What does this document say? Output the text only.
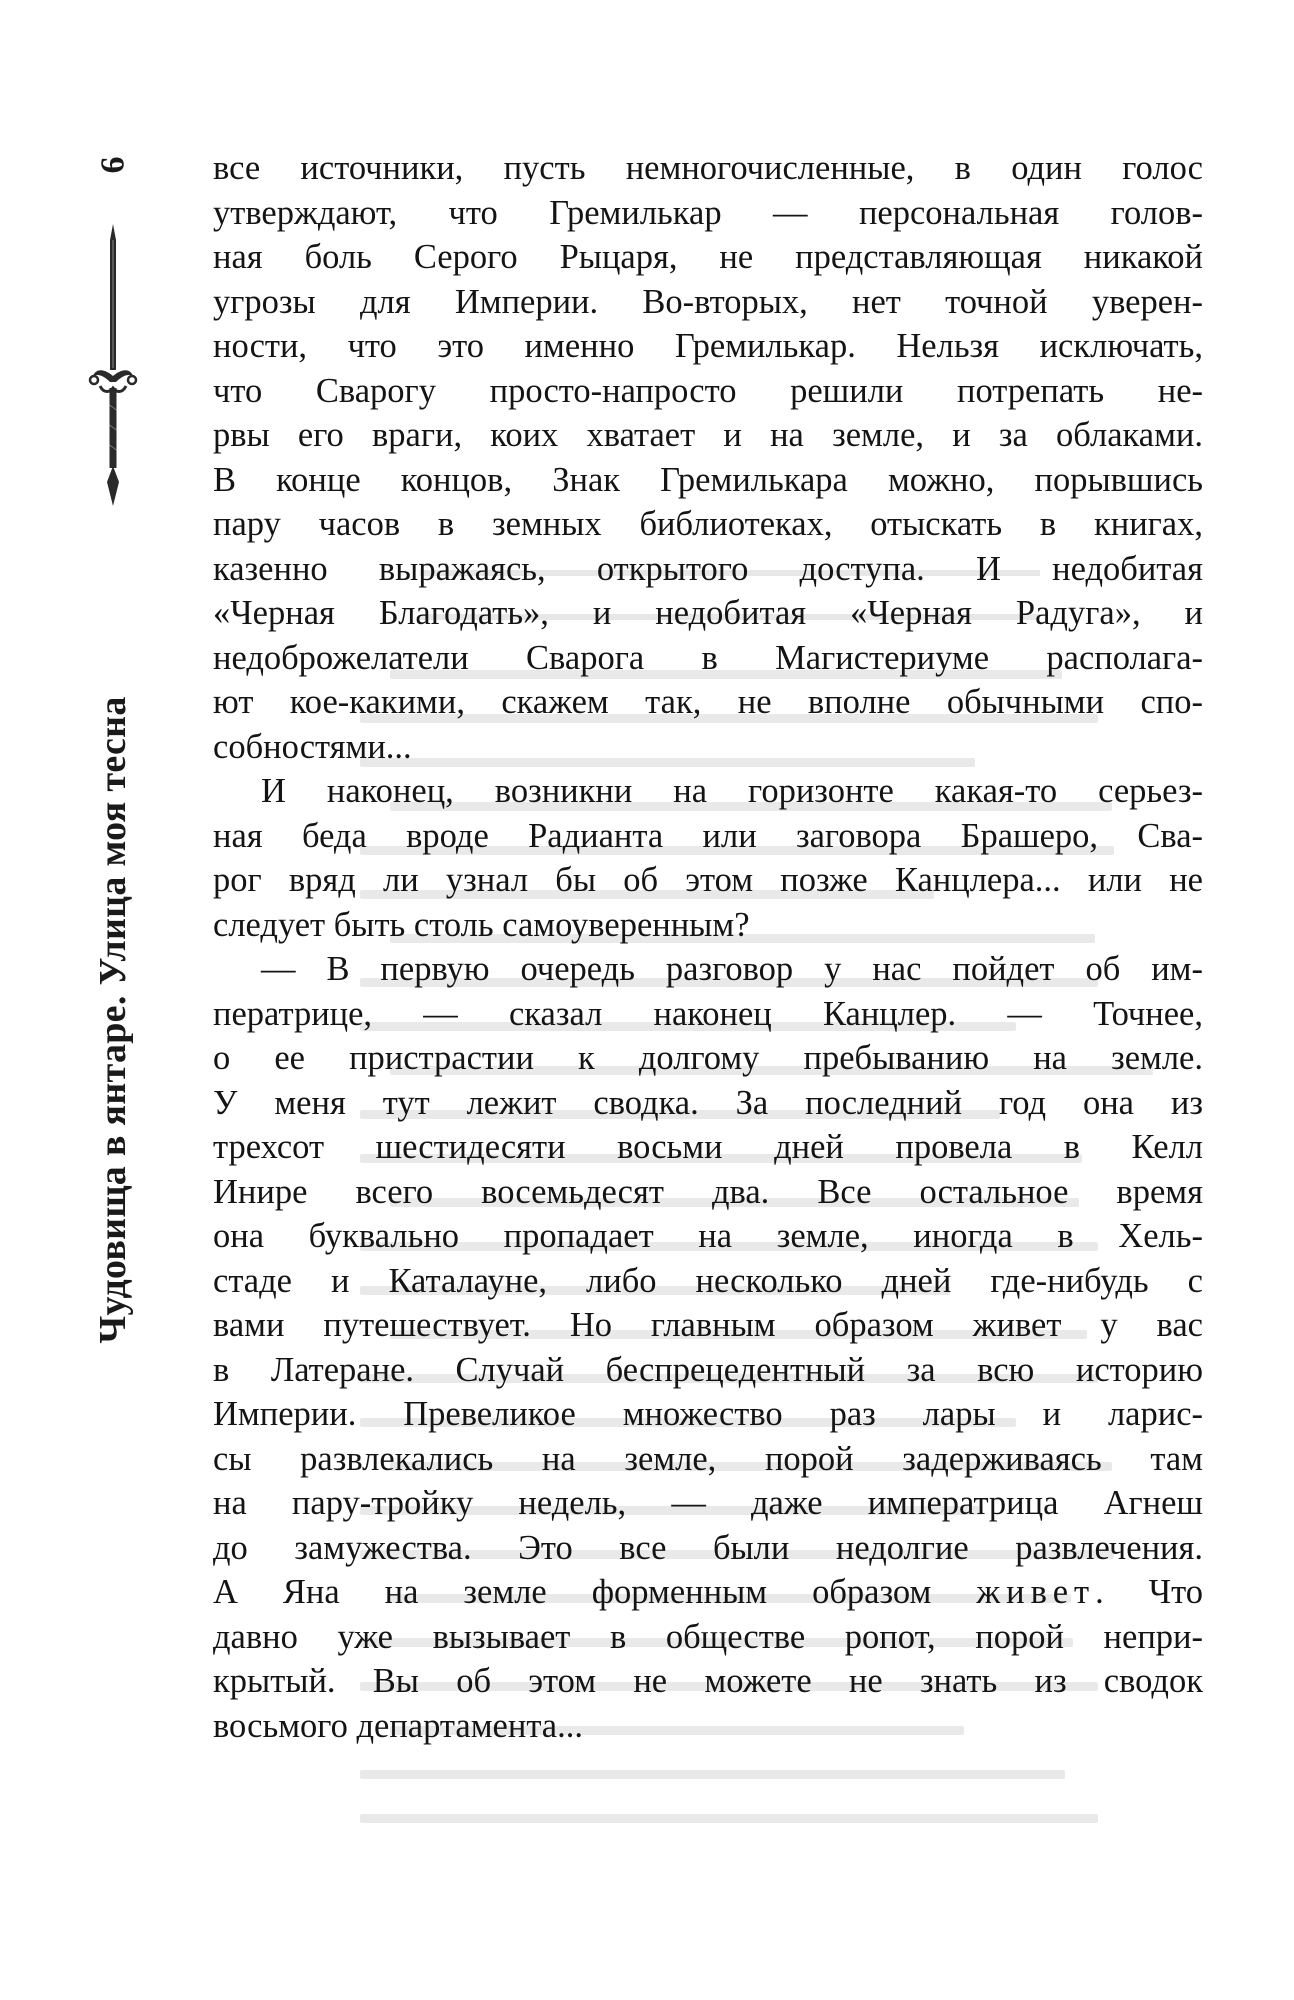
6
Чудовища в янтаре. Улица моя тесна
все источники, пусть немногочисленные, в один голос
утверждают, что Гремилькар — персональная голов-
ная боль Серого Рыцаря, не представляющая никакой
угрозы для Империи. Во-вторых, нет точной уверен-
ности, что это именно Гремилькар. Нельзя исключать,
что Сварогу просто-напросто решили потрепать не-
рвы его враги, коих хватает и на земле, и за облаками.
В конце концов, Знак Гремилькара можно, порывшись
пару часов в земных библиотеках, отыскать в книгах,
казенно выражаясь, открытого доступа. И недобитая
«Черная Благодать», и недобитая «Черная Радуга», и
недоброжелатели Сварога в Магистериуме располага-
ют кое-какими, скажем так, не вполне обычными спо-
собностями...
И наконец, возникни на горизонте какая-то серьез-
ная беда вроде Радианта или заговора Брашеро, Сва-
рог вряд ли узнал бы об этом позже Канцлера... или не
следует быть столь самоуверенным?
— В первую очередь разговор у нас пойдет об им-
ператрице, — сказал наконец Канцлер. — Точнее,
о ее пристрастии к долгому пребыванию на земле.
У меня тут лежит сводка. За последний год она из
трехсот шестидесяти восьми дней провела в Келл
Инире всего восемьдесят два. Все остальное время
она буквально пропадает на земле, иногда в Хель-
стаде и Каталауне, либо несколько дней где-нибудь с
вами путешествует. Но главным образом живет у вас
в Латеране. Случай беспрецедентный за всю историю
Империи. Превеликое множество раз лары и ларис-
сы развлекались на земле, порой задерживаясь там
на пару-тройку недель, — даже императрица Агнеш
до замужества. Это все были недолгие развлечения.
А Яна на земле форменным образом живет. Что
давно уже вызывает в обществе ропот, порой непри-
крытый. Вы об этом не можете не знать из сводок
восьмого департамента...
